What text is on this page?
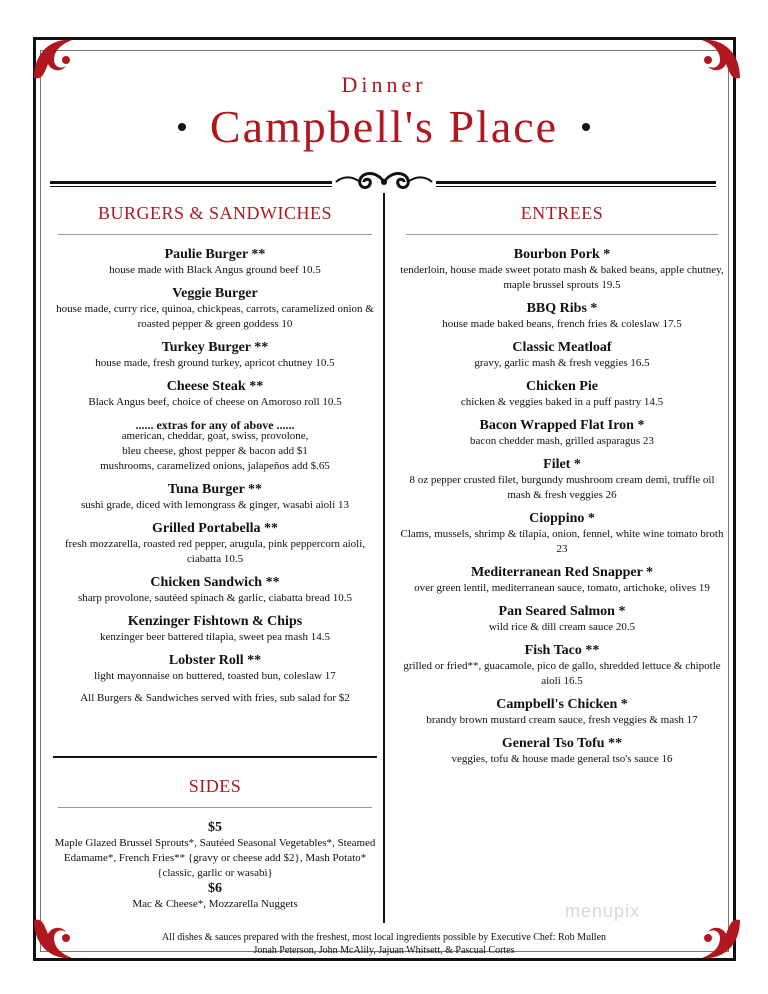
Dinner
Campbell's Place
BURGERS & SANDWICHES
Paulie Burger **
house made with Black Angus ground beef 10.5
Veggie Burger
house made, curry rice, quinoa, chickpeas, carrots, caramelized onion & roasted pepper & green goddess 10
Turkey Burger **
house made, fresh ground turkey, apricot chutney 10.5
Cheese Steak **
Black Angus beef, choice of cheese on Amoroso roll 10.5
...... extras for any of above ......
american, cheddar, goat, swiss, provolone,
bleu cheese, ghost pepper & bacon add $1
mushrooms, caramelized onions, jalapeños add $.65
Tuna Burger **
sushi grade, diced with lemongrass & ginger, wasabi aioli 13
Grilled Portabella **
fresh mozzarella, roasted red pepper, arugula, pink peppercorn aioli, ciabatta 10.5
Chicken Sandwich **
sharp provolone, sautéed spinach & garlic, ciabatta bread 10.5
Kenzinger Fishtown & Chips
kenzinger beer battered tilapia, sweet pea mash 14.5
Lobster Roll **
light mayonnaise on buttered, toasted bun, coleslaw 17
All Burgers & Sandwiches served with fries, sub salad for $2
SIDES
$5
Maple Glazed Brussel Sprouts*, Sautéed Seasonal Vegetables*, Steamed Edamame*, French Fries** {gravy or cheese add $2}, Mash Potato* {classic, garlic or wasabi}
$6
Mac & Cheese*, Mozzarella Nuggets
ENTREES
Bourbon Pork *
tenderloin, house made sweet potato mash & baked beans, apple chutney, maple brussel sprouts 19.5
BBQ Ribs *
house made baked beans, french fries & coleslaw 17.5
Classic Meatloaf
gravy, garlic mash & fresh veggies 16.5
Chicken Pie
chicken & veggies baked in a puff pastry 14.5
Bacon Wrapped Flat Iron *
bacon chedder mash, grilled asparagus 23
Filet *
8 oz pepper crusted filet, burgundy mushroom cream demi, truffle oil mash & fresh veggies 26
Cioppino *
Clams, mussels, shrimp & tilapia, onion, fennel, white wine tomato broth 23
Mediterranean Red Snapper *
over green lentil, mediterranean sauce, tomato, artichoke, olives 19
Pan Seared Salmon *
wild rice & dill cream sauce 20.5
Fish Taco **
grilled or fried**, guacamole, pico de gallo, shredded lettuce & chipotle aioli 16.5
Campbell's Chicken *
brandy brown mustard cream sauce, fresh veggies & mash 17
General Tso Tofu **
veggies, tofu & house made general tso's sauce 16
menupix
All dishes & sauces prepared with the freshest, most local ingredients possible by Executive Chef: Rob Mullen
Jonah Peterson, John McAlily, Jajuan Whitsett, & Pascual Cortes
